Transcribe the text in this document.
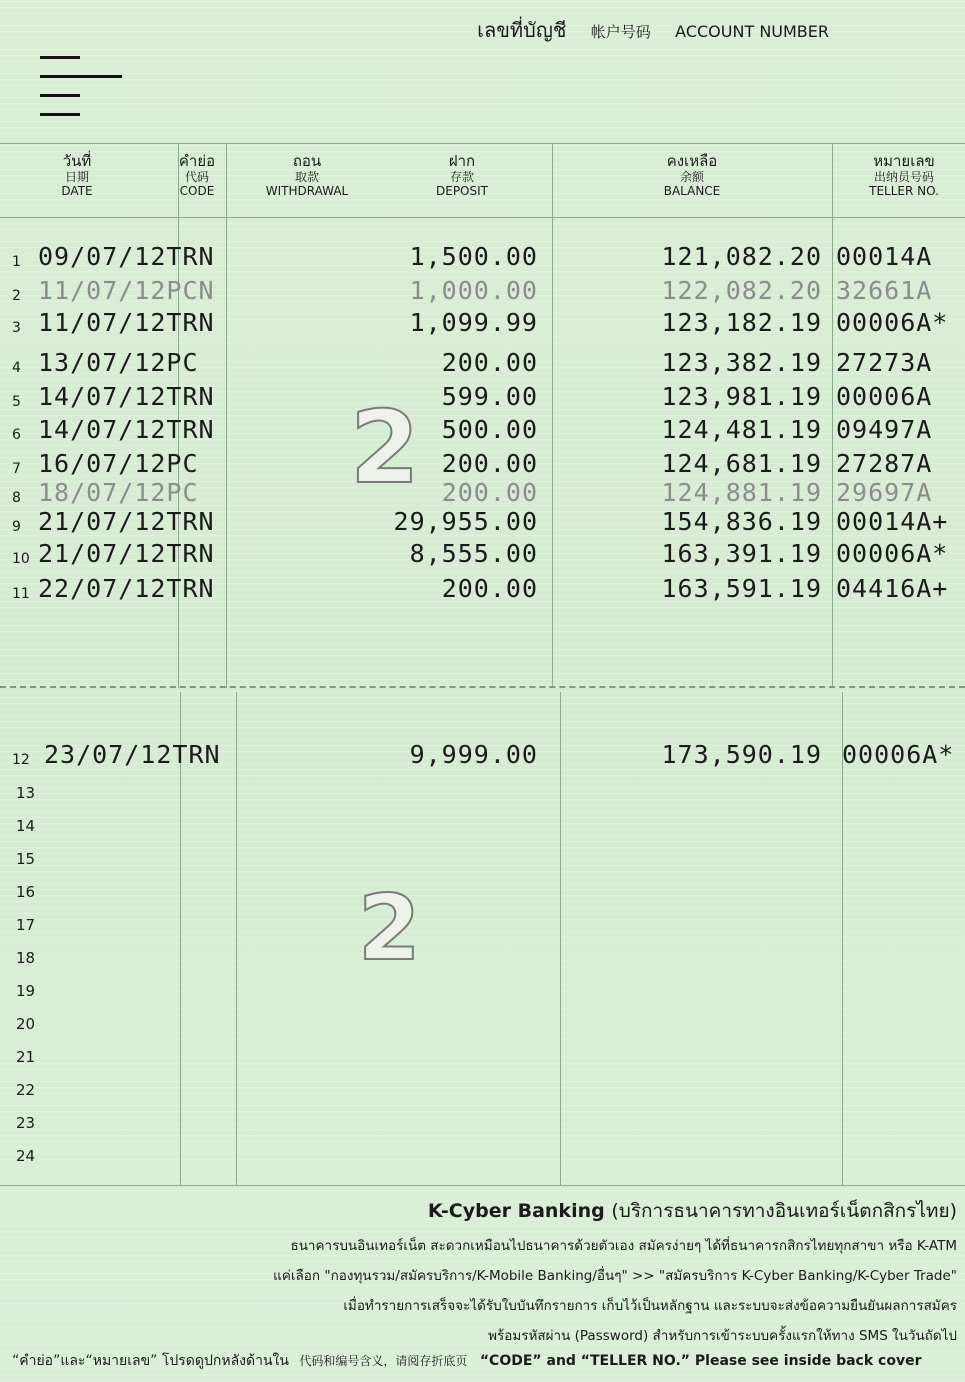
เลขที่บัญชี 帐户号码 ACCOUNT NUMBER
วันที่
日期
DATE
คำย่อ
代码
CODE
ถอน
取款
WITHDRAWAL
ฝาก
存款
DEPOSIT
คงเหลือ
余额
BALANCE
หมายเลข
出纳员号码
TELLER NO.
1 09/07/12TRN	1,500.00	121,082.20 00014A
2 11/07/12PCN	1,000.00	122,082.20 32661A
3 11/07/12TRN	1,099.99	123,182.19 00006A*
4 13/07/12PC	200.00	123,382.19 27273A
5 14/07/12TRN	599.00	123,981.19 00006A
6 14/07/12TRN	500.00	124,481.19 09497A
7 16/07/12PC	200.00	124,681.19 27287A
8 18/07/12PC	200.00	124,881.19 29697A
9 21/07/12TRN	29,955.00	154,836.19 00014A+
10 21/07/12TRN	8,555.00	163,391.19 00006A*
11 22/07/12TRN	200.00	163,591.19 04416A+
2
12 23/07/12TRN	9,999.00	173,590.19 00006A*
13
14
15
16
17
18
19
20
21
22
23
24
2
K-Cyber Banking (บริการธนาคารทางอินเทอร์เน็ตกสิกรไทย)
ธนาคารบนอินเทอร์เน็ต สะดวกเหมือนไปธนาคารด้วยตัวเอง สมัครง่ายๆ ได้ที่ธนาคารกสิกรไทยทุกสาขา หรือ K-ATM
แค่เลือก "กองทุนรวม/สมัครบริการ/K-Mobile Banking/อื่นๆ" >> "สมัครบริการ K-Cyber Banking/K-Cyber Trade"
เมื่อทำรายการเสร็จจะได้รับใบบันทึกรายการ เก็บไว้เป็นหลักฐาน และระบบจะส่งข้อความยืนยันผลการสมัคร
พร้อมรหัสผ่าน (Password) สำหรับการเข้าระบบครั้งแรกให้ทาง SMS ในวันถัดไป
“คำย่อ”และ“หมายเลข” โปรดดูปกหลังด้านใน 代码和编号含义，请阅存折底页 “CODE” and “TELLER NO.” Please see inside back cover
